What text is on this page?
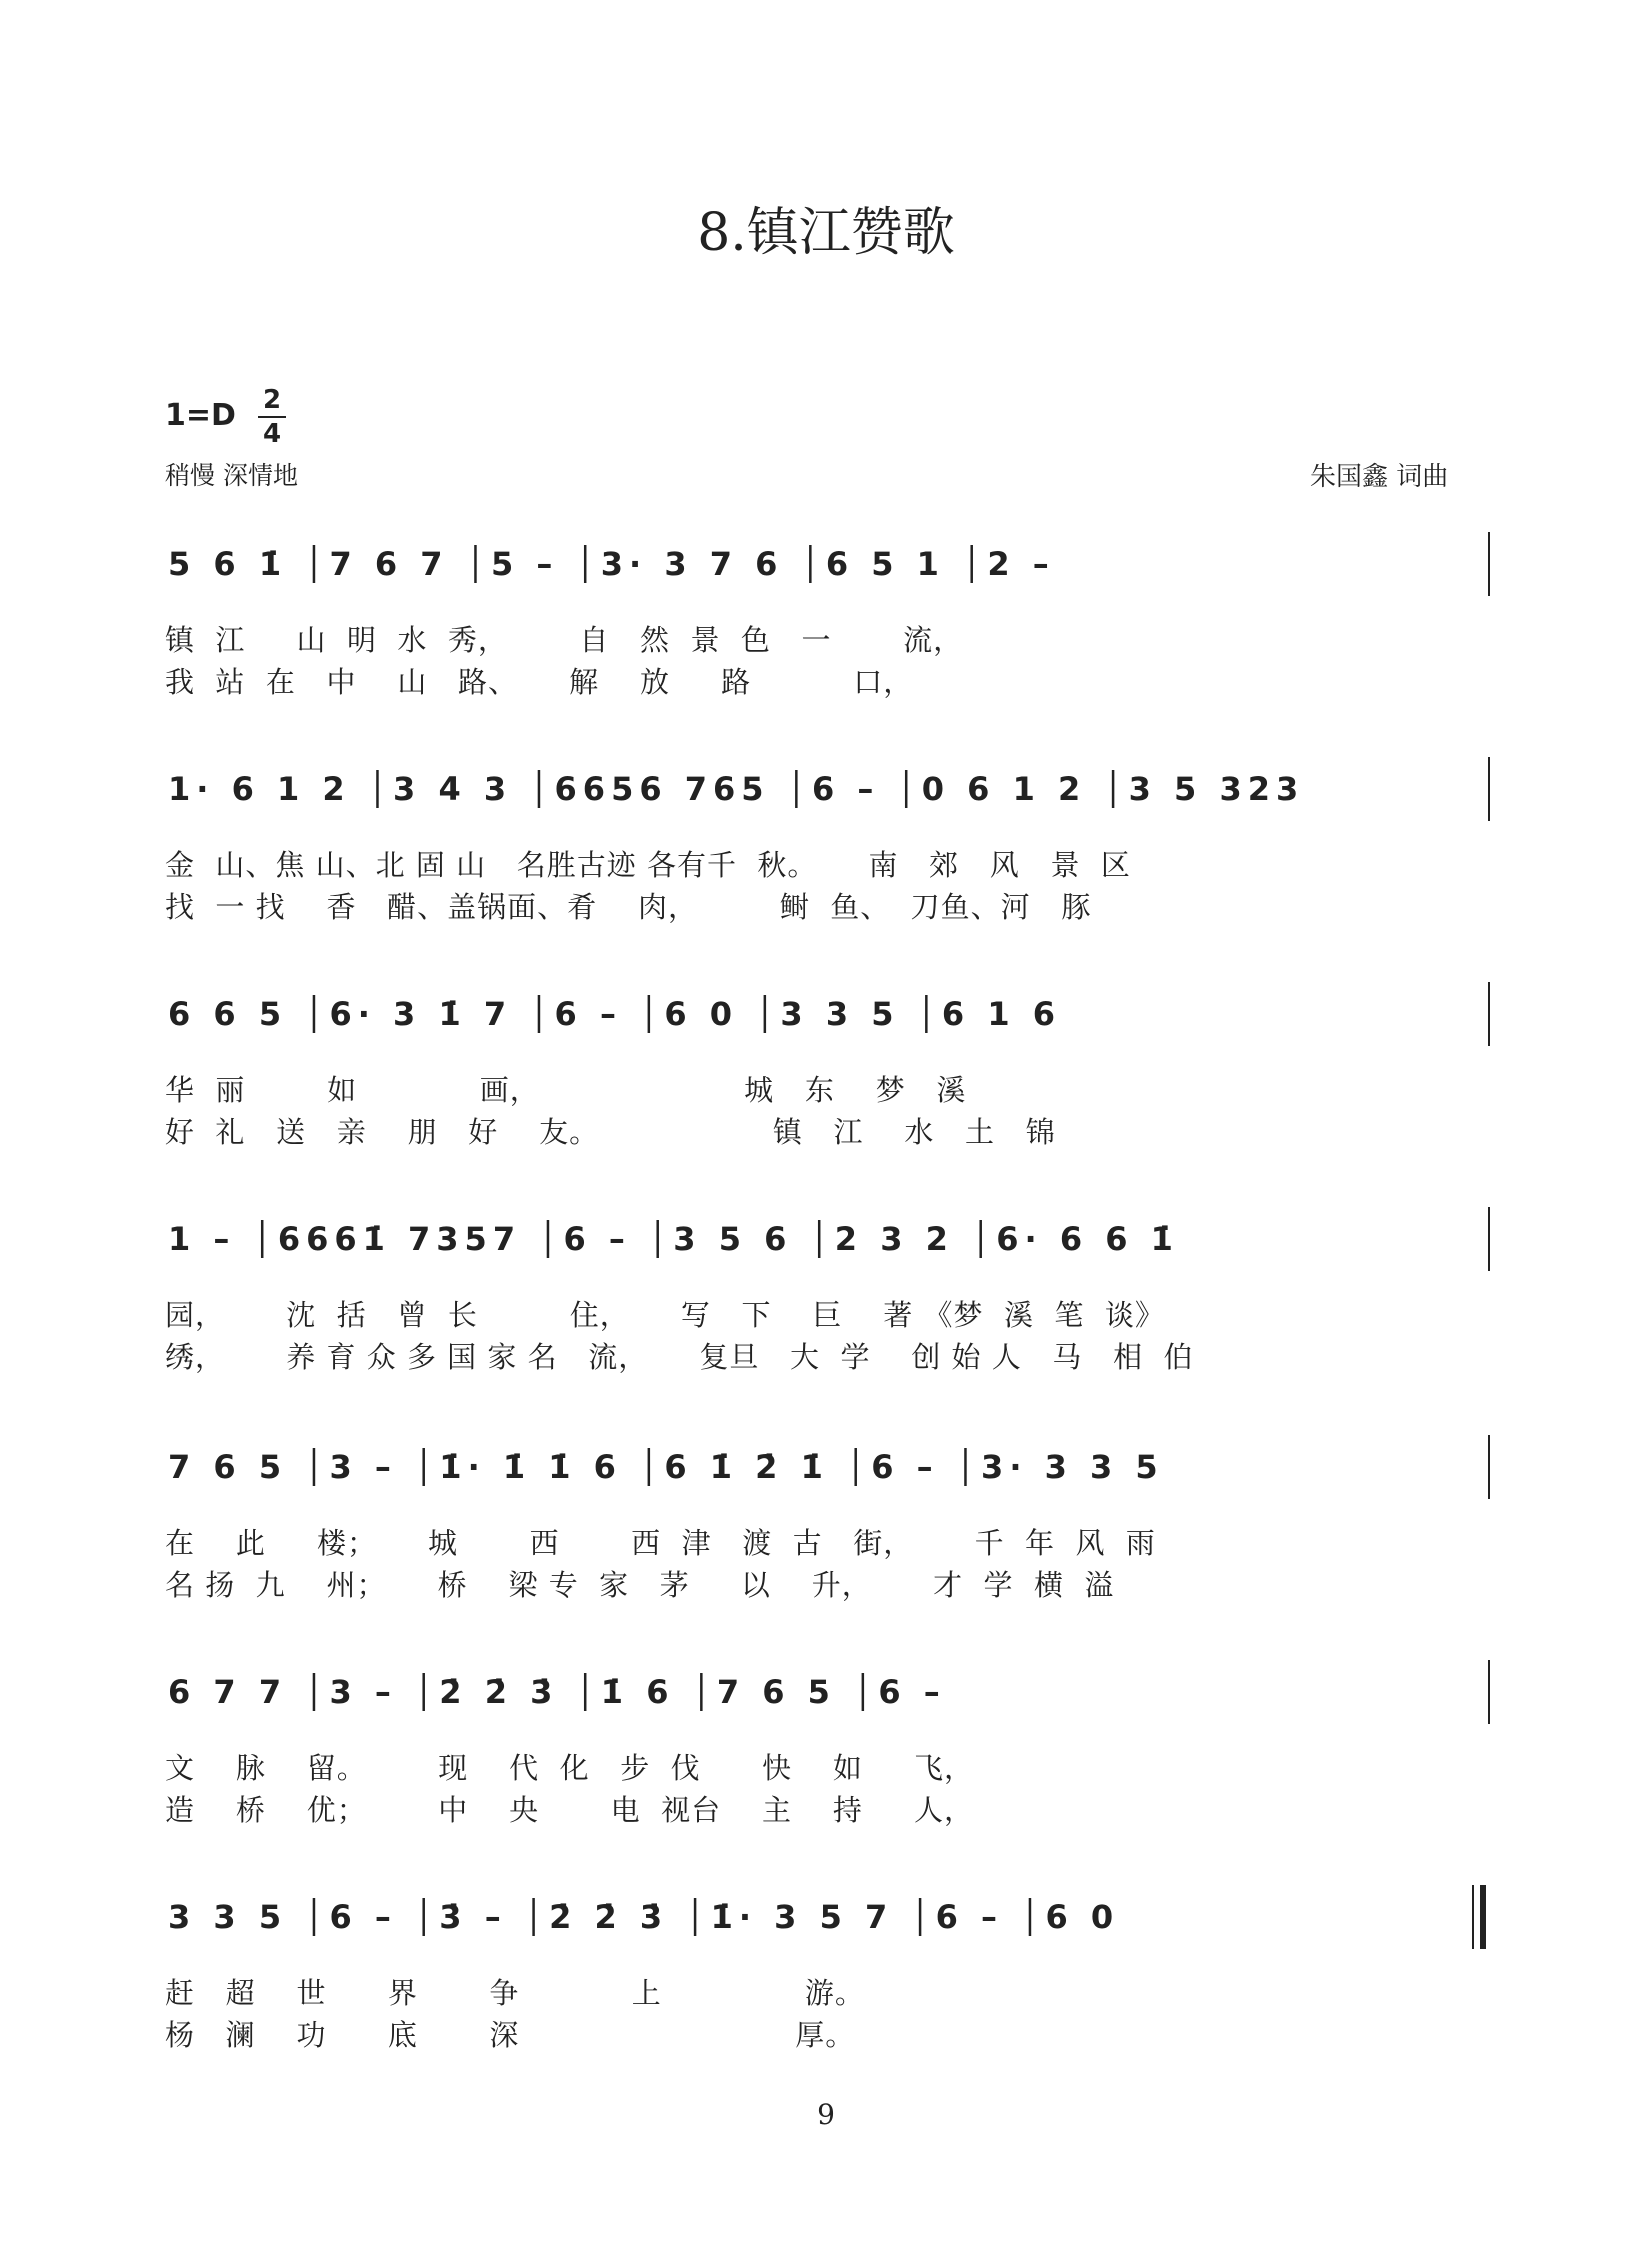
8.镇江赞歌
1=D 2
4
稍慢 深情地	朱国鑫 词曲
5 6 1̇ │7 6 7 │5 – │3· 3 7 6 │6 5 1 │2 –
镇  江     山  明  水  秀，       自   然  景  色   一       流，
我  站  在   中    山   路、     解    放     路          口，
1· 6 1 2 │3 4 3 │6656 765 │6 – │0 6 1 2 │3 5 323
金  山、焦 山、北 固 山   名胜古迹 各有千  秋。     南   郊   风   景  区
找  一 找    香   醋、盖锅面、肴    肉，        鲥  鱼、  刀鱼、河   豚
6 6 5 │6· 3 1̇ 7 │6 – │6 0 │3 3 5 │6 1 6
华  丽        如            画，                    城   东    梦   溪
好  礼   送   亲    朋   好    友。                 镇   江    水   土   锦
1 – │6661̇ 7357 │6 – │3 5 6 │2 3 2 │6· 6 6 1̇
园，      沈  括   曾  长         住，     写   下    巨    著 《梦  溪  笔  谈》
绣，      养 育 众 多 国 家 名   流，     复旦   大  学    创 始 人   马   相  伯
7 6 5 │3 – │1̇· 1̇ 1̇ 6 │6 1̇ 2̇ 1̇ │6 – │3· 3 3 5
在    此     楼；     城       西       西  津   渡  古   街，      千  年  风  雨
名 扬  九    州；     桥    梁 专  家   茅     以    升，      才  学  横  溢
6 7 7 │3 – │2̇ 2̇ 3̇ │1̇ 6 │7 6 5 │6 –
文    脉    留。       现    代  化   步  伐      快    如     飞，
造    桥    优；       中    央       电  视台    主    持     人，
3 3 5 │6 – │3̇ – │2̇ 2̇ 3̇ │1̇· 3 5 7 │6 – │6 0
赶   超    世      界       争           上              游。
杨   澜    功      底       深                           厚。
9
